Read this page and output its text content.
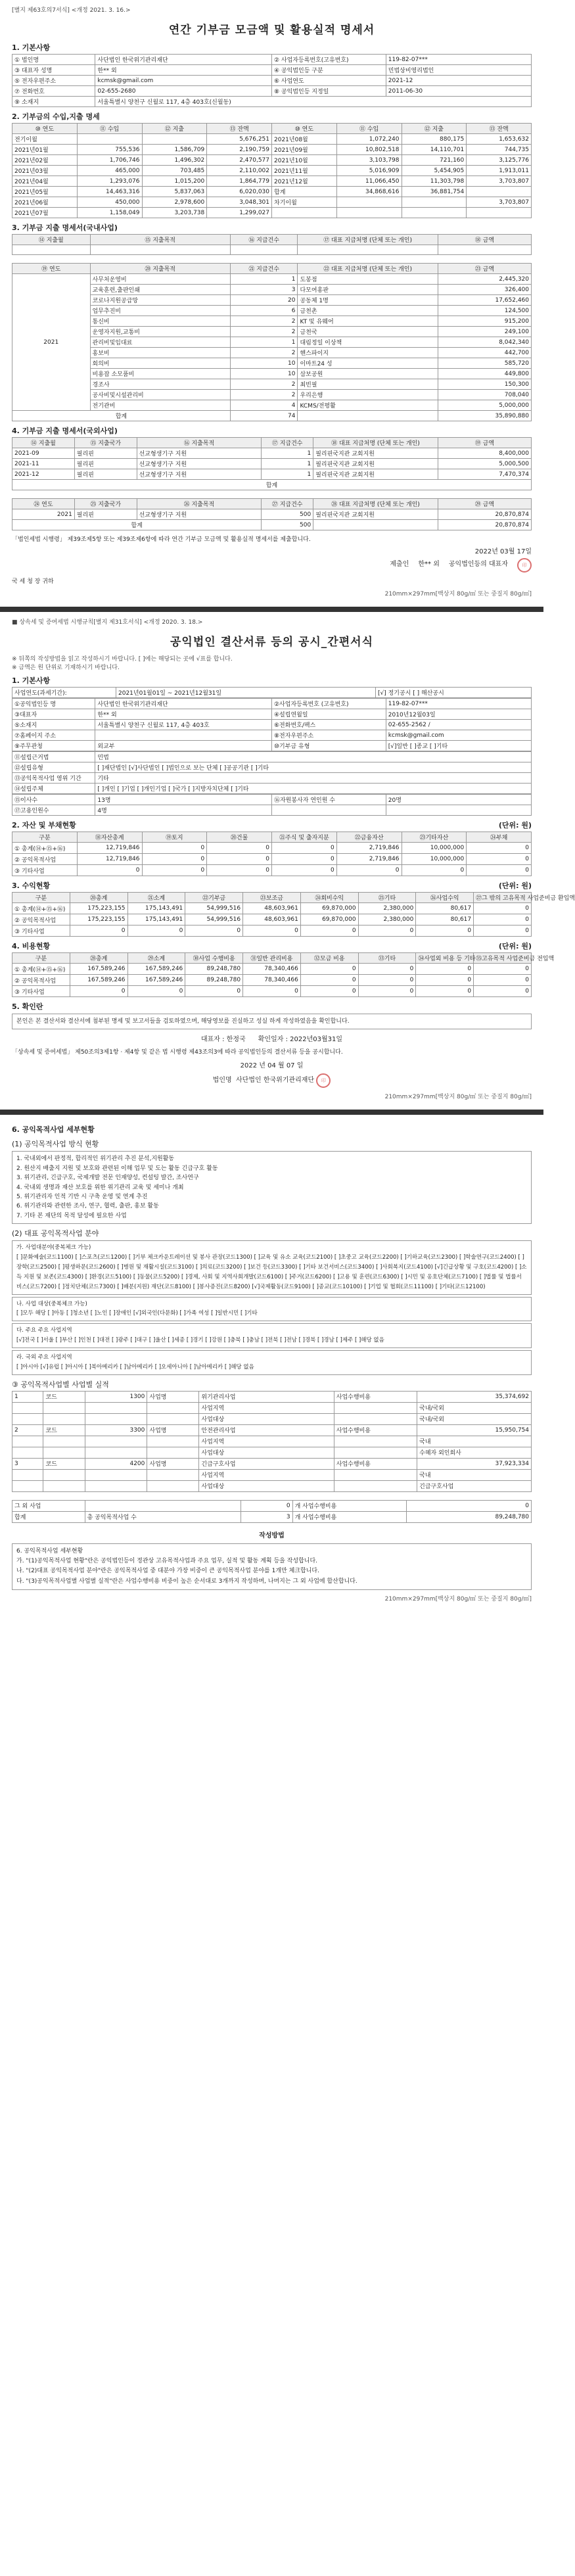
[별지 제63호의7서식] <개정 2021. 3. 16.>
연간 기부금 모금액 및 활용실적 명세서
1. 기본사항
① 법인명	사단법인 한국위기관리재단	② 사업자등록번호(고유번호)	119-82-07***
③ 대표자 성명	한** 외	④ 공익법인등 구분	민법상비영리법인
⑤ 전자우편주소	kcmsk@gmail.com	⑥ 사업연도	2021-12
⑦ 전화번호	02-655-2680	⑧ 공익법인등 지정일	2011-06-30
⑨ 소재지	서울특별시 양천구 신월로 117, 4층 403호(신월동)		
2. 기부금의 수입,지출 명세
⑩ 연도	⑪ 수입	⑫ 지출	⑬ 잔액	⑩ 연도	⑪ 수입	⑫ 지출	⑬ 잔액
전기이월			5,676,251	2021년08월	1,072,240	880,175	1,653,632
2021년01월	755,536	1,586,709	2,190,759	2021년09월	10,802,518	14,110,701	744,735
2021년02월	1,706,746	1,496,302	2,470,577	2021년10월	3,103,798	721,160	3,125,776
2021년03월	465,000	703,485	2,110,002	2021년11월	5,016,909	5,454,905	1,913,011
2021년04월	1,293,076	1,015,200	1,864,779	2021년12월	11,066,450	11,303,798	3,703,807
2021년05월	14,463,316	5,837,063	6,020,030	합계	34,868,616	36,881,754	
2021년06월	450,000	2,978,600	3,048,301	차기이월			3,703,807
2021년07월	1,158,049	3,203,738	1,299,027				
3. 기부금 지출 명세서(국내사업)
⑭ 지출월	⑮ 지출목적	⑯ 지급건수	⑰ 대표 지급처명 (단체 또는 개인)	⑱ 금액

⑲ 연도	⑳ 지출목적	㉑ 지급건수	㉒ 대표 지급처명 (단체 또는 개인)	㉓ 금액
2021	사무처운영비	1	도봉점	2,445,320
	교육훈련,출판인쇄	3	다모여홍판	326,400
	코로나지원공급망	20	공동체 1명	17,652,460
	업무추진비	6	금천촌	124,500
	통신비	2	KT 및 유웨어	915,200
	운영자지원,교통비	2	금천국	249,100
	관리비및임대료	1	대림정일 이상책	8,042,340
	홍보비	2	핸스파이지	442,700
	회의비	10	이마트24 성	585,720
	비용잡 소모품비	10	삼보공원	449,800
	경조사	2	최빈필	150,300
	공사비및시설관리비	2	우리은행	708,040
	전기관비	4	KCMS/전평활	5,000,000
합계		74		35,890,880
4. 기부금 지출 명세서(국외사업)
⑭ 지출월	⑮ 지출국가	⑯ 지출목적	⑰ 지급건수	⑱ 대표 지급처명 (단체 또는 개인)	⑲ 금액
2021-09	필리핀	선교형생기구 지원	1	필리핀국지관 교회지원	8,400,000
2021-11	필리핀	선교형생기구 지원	1	필리핀국지관 교회지원	5,000,500
2021-12	필리핀	선교형생기구 지원	1	필리핀국지관 교회지원	7,470,374
합계					
㉔ 연도	㉕ 지출국가	㉖ 지출목적	㉗ 지급건수	㉘ 대표 지급처명 (단체 또는 개인)	㉙ 금액
2021	필리핀	선교형생기구 지원	500	필리핀국지관 교회지원	20,870,874
합계			500		20,870,874
「법인세법 시행령」 제39조제5항 또는 제39조제6항에 따라 연간 기부금 모금액 및 활용실적 명세서를 제출합니다.
2022년 03월 17일
제출인 한** 외 공익법인등의 대표자	印
국 세 청 장 귀하
210mm×297mm[백상지 80g/㎡ 또는 중질지 80g/㎡]
■ 상속세 및 증여세법 시행규칙[별지 제31호서식] <개정 2020. 3. 18.>
공익법인 결산서류 등의 공시_간편서식
※ 뒤쪽의 작성방법을 읽고 작성하시기 바랍니다. [ ]에는 해당되는 곳에 √표를 합니다.
※ 금액은 원 단위로 기재하시기 바랍니다.
1. 기본사항
사업연도(과세기간):	2021년01월01일 ~ 2021년12월31일	[√] 정기공시 [ ] 해산공시
①공익법인등 명	사단법인 한국위기관리재단	②사업자등록번호 (고유번호)	119-82-07***
③대표자	한** 외	④설립연월일	2010년12월03일
⑤소재지	서울특별시 양천구 신월로 117, 4층 403호	⑥전화번호/팩스	02-655-2562 /
⑦홈페이지 주소		⑧전자우편주소	kcmsk@gmail.com
⑨주무관청	외교부	⑩기부금 유형	[√]일반 [ ]종교 [ ]기타
⑪설립근거법	민법
⑫설립유형	[ ]재단법인 [√]사단법인 [ ]법인으로 보는 단체 [ ]공공기관 [ ]기타
⑬공익목적사업 영위 기간	기타
⑭설립주체	[ ]개인 [ ]기업 [ ]개인기업 [ ]국가 [ ]지방자치단체 [ ]기타
⑮이사수	13명	⑯자원봉사자 연인원 수	20명
⑰고용인원수	4명		
2. 자산 및 부채현황	(단위: 원)
구분	⑱자산총계	⑲토지	⑳건물	㉑주식 및 출자지분	㉒금융자산	㉓기타자산	㉔부채
① 총계(⑭+⑮+⑯)	12,719,846	0	0	0	2,719,846	10,000,000	0
② 공익목적사업	12,719,846	0	0	0	2,719,846	10,000,000	0
③ 기타사업	0	0	0	0	0	0	0
3. 수익현황	(단위: 원)
구분	⑳총계	㉑소계	㉒기부금	㉓보조금	㉔회비수익	㉕기타	㉖사업수익	㉗그 밖의 고유목적 사업준비금 환입액
① 총계(⑭+⑮+⑯)	175,223,155	175,143,491	54,999,516	48,603,961	69,870,000	2,380,000	80,617	0
② 공익목적사업	175,223,155	175,143,491	54,999,516	48,603,961	69,870,000	2,380,000	80,617	0
③ 기타사업	0	0	0	0	0	0	0	0
4. 비용현황	(단위: 원)
구분	㉘총계	㉙소계	㉚사업 수행비용	㉛일반 관리비용	㉜모금 비용	㉝기타	㉞사업외 비용 등 기타	㉟고유목적 사업준비금 전입액
① 총계(⑭+⑮+⑯)	167,589,246	167,589,246	89,248,780	78,340,466	0	0	0	0
② 공익목적사업	167,589,246	167,589,246	89,248,780	78,340,466	0	0	0	0
③ 기타사업	0	0	0	0	0	0	0	0
5. 확인란
본인은 본 결산서와 결산서에 첨부된 명세 및 보고서들을 검토하였으며, 해당영보를 진실하고 성실 하게 작성하였음을 확인합니다.
대표자 : 한정국 확인일자 : 2022년03월31일
「상속세 및 증여세법」 제50조의3제1항 · 제4항 및 같은 법 시행령 제43조의3에 따라 공익법인등의 결산서류 등을 공시합니다.
2022 년 04 월 07 일
법인명 사단법인 한국위기관리재단 印
210mm×297mm[백상지 80g/㎡ 또는 중질지 80g/㎡]
6. 공익목적사업 세부현황
(1) 공익목적사업 방식 현황
1. 국내외에서 판정적, 합리적인 위기관리 추진 분석,지원활동
2. 원산지 배출지 지원 및 보호와 관련된 이해 업무 및 도는 활동 긴급구호 활동
3. 위기관리, 긴급구호, 국제개발 전문 인재양성, 컨설팅 발간, 조사연구
4. 국내외 생명과 재산 보호를 위한 위기관리 교육 및 세미나 개최
5. 위기관리자 인적 기반 시 구축 운영 및 연계 추진
6. 위기관리와 관련한 조사, 연구, 협력, 출판, 홍보 활동
7. 기타 본 재단의 목적 달성에 필요한 사업
(2) 대표 공익목적사업 분야
가. 사업대분야(중복체크 가능)
[ ]문화예술(코드1100) [ ]스포츠(코드1200) [ ]기부 체크카운트레이션 및 봉사 관장(코드1300) [ ]교육 및 유소 교육(코드2100) [ ]초중고 교육(코드2200) [ ]기하교육(코드2300) [ ]학술연구(코드2400) [ ]장학(코드2500) [ ]평생하문(코드2600) [ ]병원 및 재활시설(코드3100) [ ]의료(코드3200) [ ]보건 등(코드3300) [ ]기타 보건서비스(코드3400) [ ]사회복지(코드4100) [√]긴급상황 및 구호(코드4200) [ ]소득 지원 및 보존(코드4300) [ ]환경(코드5100) [ ]동물(코드5200) [ ]경제, 사회 및 지역사회개발(코드6100) [ ]주거(코드6200) [ ]고용 및 훈련(코드6300) [ ]시민 및 옹호단체(코드7100) [ ]법률 및 법률서비스(코드7200) [ ]정치단체(코드7300) [ ]배분(지원) 재단(코드8100) [ ]봉사증진(코드8200) [√]국제활동(코드9100) [ ]종교(코드10100) [ ]기업 및 협회(코드11100) [ ]기타(코드12100)
나. 사업 대상(중복체크 가능)
[ ]모두 해당 [ ]아동 [ ]청소년 [ ]노인 [ ]장애인 [√]외국인(다문화) [ ]가족 여성 [ ]일반시민 [ ]기타
다. 주요 주요 사업지역
[√]전국 [ ]서울 [ ]부산 [ ]인천 [ ]대전 [ ]광주 [ ]대구 [ ]울산 [ ]세종 [ ]경기 [ ]강원 [ ]충북 [ ]충남 [ ]전북 [ ]전남 [ ]경북 [ ]경남 [ ]제주 [ ]해당 없음
라. 국외 주요 사업지역
[ ]아시아 [√]유럽 [ ]아시아 [ ]북아메리카 [ ]남아메리카 [ ]오세아니아 [ ]남아메리카 [ ]해당 없음
③ 공익목적사업별 사업별 실적
1	코드	1300	사업명	위기관리사업	사업수행비용	35,374,692
				사업지역		국내/국외
				사업대상		국내/국외
2	코드	3300	사업명	안전관리사업	사업수행비용	15,950,754
				사업지역		국내
				사업대상		수혜자 외인회사
3	코드	4200	사업명	긴급구호사업	사업수행비용	37,923,334
				사업지역		국내
				사업대상		긴급구호사업
그 외 사업		0	개 사업수행비용	0
합계	총 공익목적사업 수	3	개 사업수행비용	89,248,780
작성방법
6. 공익목적사업 세부현황
가. "(1)공익목적사업 현황"란은 공익법인등이 정관상 고유목적사업과 주요 업무, 실적 및 활동 계획 등을 작성합니다.
나. "(2)대표 공익목적사업 분야"란은 공익목적사업 중 대분야 가장 비중이 큰 공익목적사업 분야를 1개만 체크합니다.
다. "(3)공익목적사업별 사업별 실적"란은 사업수행비용 비중이 높은 순서대로 3개까지 작성하며, 나머지는 그 외 사업에 합산합니다.
210mm×297mm[백상지 80g/㎡ 또는 중질지 80g/㎡]
